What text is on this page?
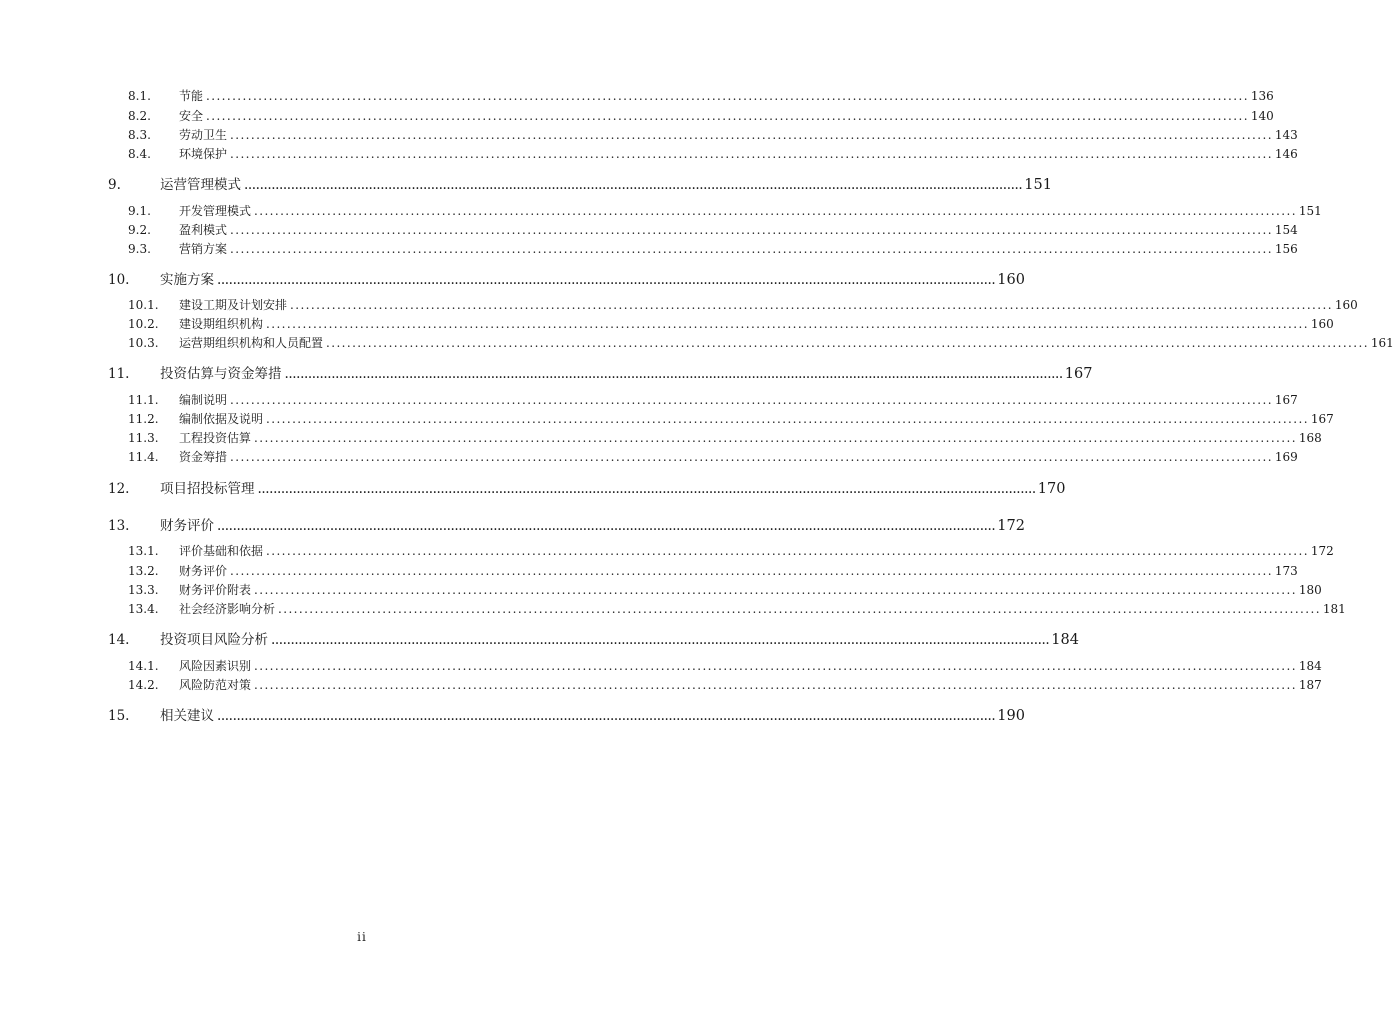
8.1.	节能 ........................................................................................................................................................................................................ 136
8.2.	安全 ........................................................................................................................................................................................................ 140
8.3.	劳动卫生 ........................................................................................................................................................................................................ 143
8.4.	环境保护 ........................................................................................................................................................................................................ 146
9.	运营管理模式 ........................................................................................................................................................................................................ 151
9.1.	开发管理模式 ........................................................................................................................................................................................................ 151
9.2.	盈利模式 ........................................................................................................................................................................................................ 154
9.3.	营销方案 ........................................................................................................................................................................................................ 156
10.	实施方案 ........................................................................................................................................................................................................ 160
10.1.	建设工期及计划安排 ........................................................................................................................................................................................................ 160
10.2.	建设期组织机构 ........................................................................................................................................................................................................ 160
10.3.	运营期组织机构和人员配置 ........................................................................................................................................................................................................ 161
11.	投资估算与资金筹措 ........................................................................................................................................................................................................ 167
11.1.	编制说明 ........................................................................................................................................................................................................ 167
11.2.	编制依据及说明 ........................................................................................................................................................................................................ 167
11.3.	工程投资估算 ........................................................................................................................................................................................................ 168
11.4.	资金筹措 ........................................................................................................................................................................................................ 169
12.	项目招投标管理 ........................................................................................................................................................................................................ 170
13.	财务评价 ........................................................................................................................................................................................................ 172
13.1.	评价基础和依据 ........................................................................................................................................................................................................ 172
13.2.	财务评价 ........................................................................................................................................................................................................ 173
13.3.	财务评价附表 ........................................................................................................................................................................................................ 180
13.4.	社会经济影响分析 ........................................................................................................................................................................................................ 181
14.	投资项目风险分析 ........................................................................................................................................................................................................ 184
14.1.	风险因素识别 ........................................................................................................................................................................................................ 184
14.2.	风险防范对策 ........................................................................................................................................................................................................ 187
15.	相关建议 ........................................................................................................................................................................................................ 190
ii
